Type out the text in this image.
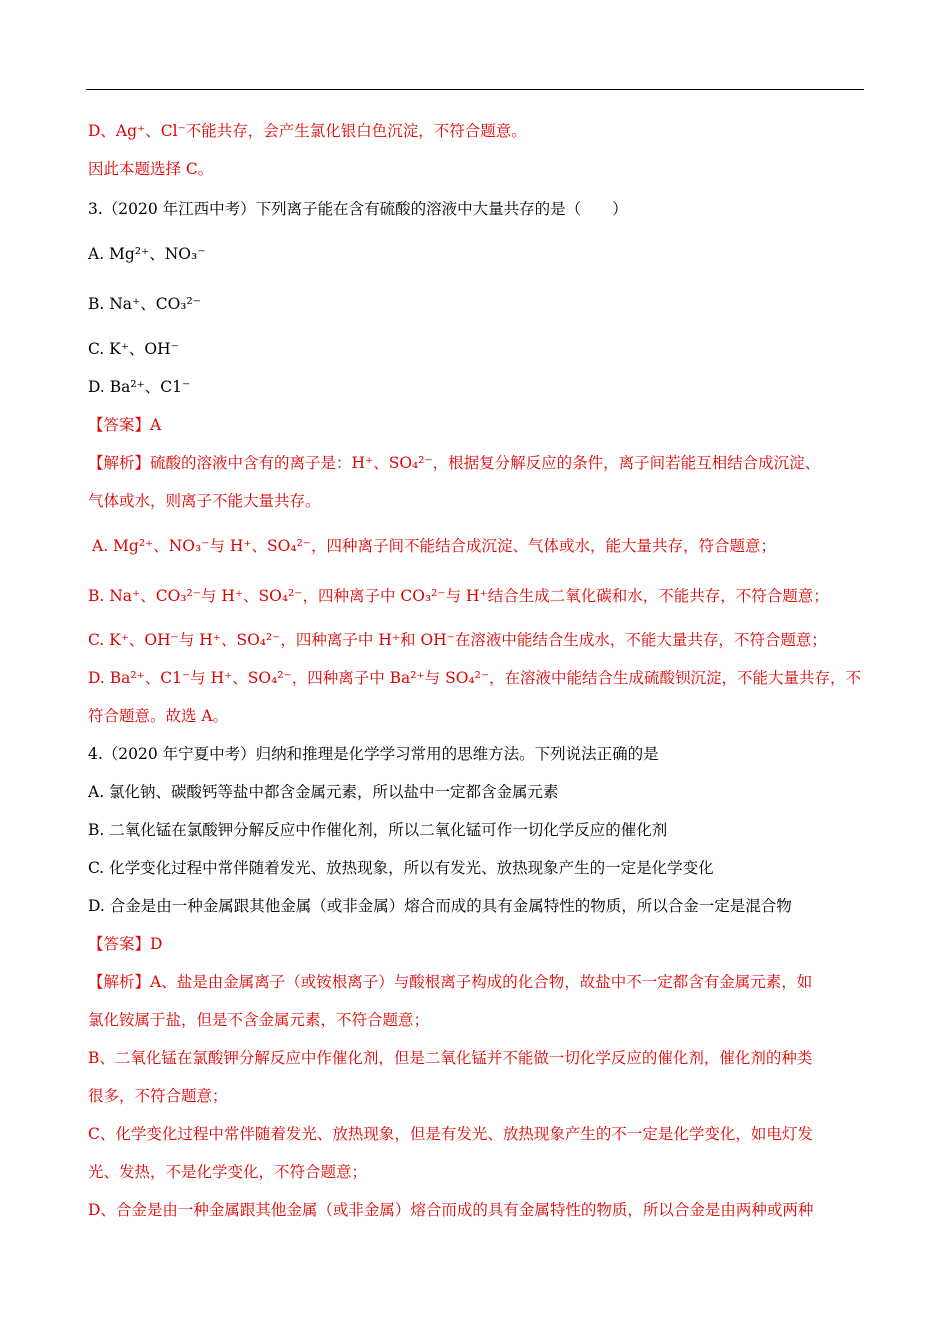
D、Ag⁺、Cl⁻不能共存，会产生氯化银白色沉淀，不符合题意。
因此本题选择 C。
3.（2020 年江西中考）下列离子能在含有硫酸的溶液中大量共存的是（　　）
A. Mg²⁺、NO₃⁻
B. Na⁺、CO₃²⁻
C. K⁺、OH⁻
D. Ba²⁺、C1⁻
【答案】A
【解析】硫酸的溶液中含有的离子是：H⁺、SO₄²⁻，根据复分解反应的条件，离子间若能互相结合成沉淀、
气体或水，则离子不能大量共存。
A. Mg²⁺、NO₃⁻与 H⁺、SO₄²⁻，四种离子间不能结合成沉淀、气体或水，能大量共存，符合题意；
B. Na⁺、CO₃²⁻与 H⁺、SO₄²⁻，四种离子中 CO₃²⁻与 H⁺结合生成二氧化碳和水，不能共存，不符合题意；
C. K⁺、OH⁻与 H⁺、SO₄²⁻，四种离子中 H⁺和 OH⁻在溶液中能结合生成水，不能大量共存，不符合题意；
D. Ba²⁺、C1⁻与 H⁺、SO₄²⁻，四种离子中 Ba²⁺与 SO₄²⁻，在溶液中能结合生成硫酸钡沉淀，不能大量共存，不
符合题意。故选 A。
4.（2020 年宁夏中考）归纳和推理是化学学习常用的思维方法。下列说法正确的是
A. 氯化钠、碳酸钙等盐中都含金属元素，所以盐中一定都含金属元素
B. 二氧化锰在氯酸钾分解反应中作催化剂，所以二氧化锰可作一切化学反应的催化剂
C. 化学变化过程中常伴随着发光、放热现象，所以有发光、放热现象产生的一定是化学变化
D. 合金是由一种金属跟其他金属（或非金属）熔合而成的具有金属特性的物质，所以合金一定是混合物
【答案】D
【解析】A、盐是由金属离子（或铵根离子）与酸根离子构成的化合物，故盐中不一定都含有金属元素，如
氯化铵属于盐，但是不含金属元素，不符合题意；
B、二氧化锰在氯酸钾分解反应中作催化剂，但是二氧化锰并不能做一切化学反应的催化剂，催化剂的种类
很多，不符合题意；
C、化学变化过程中常伴随着发光、放热现象，但是有发光、放热现象产生的不一定是化学变化，如电灯发
光、发热，不是化学变化，不符合题意；
D、合金是由一种金属跟其他金属（或非金属）熔合而成的具有金属特性的物质，所以合金是由两种或两种
